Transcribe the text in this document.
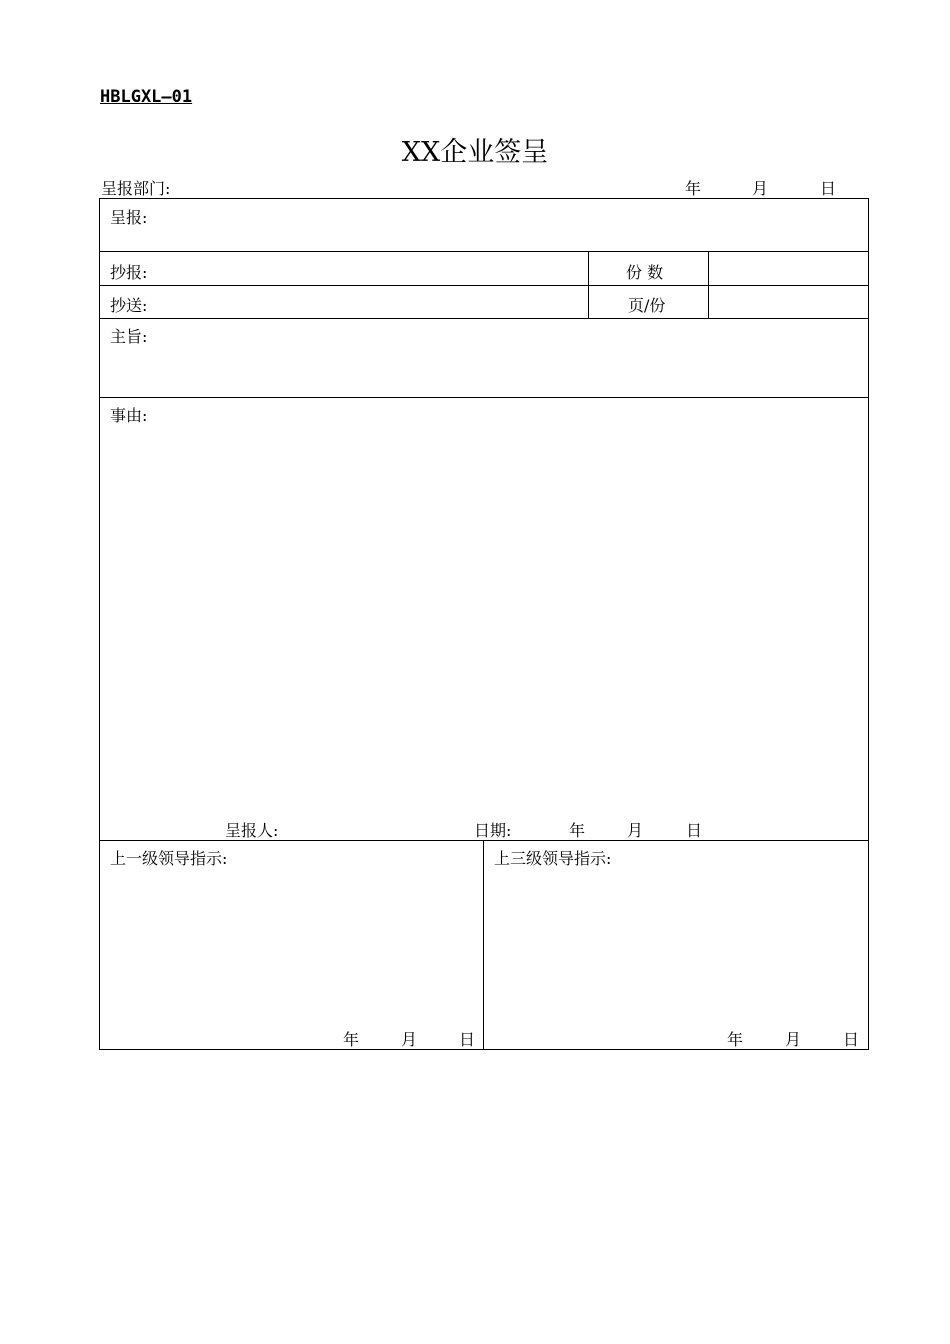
HBLGXL—01
XX企业签呈
呈报部门:	年	月	日
呈报:
抄报:	份 数
抄送:	页/份
主旨:
事由:
呈报人:	日期:	年	月	日
上一级领导指示:
年	月	日
上三级领导指示:
年	月	日
